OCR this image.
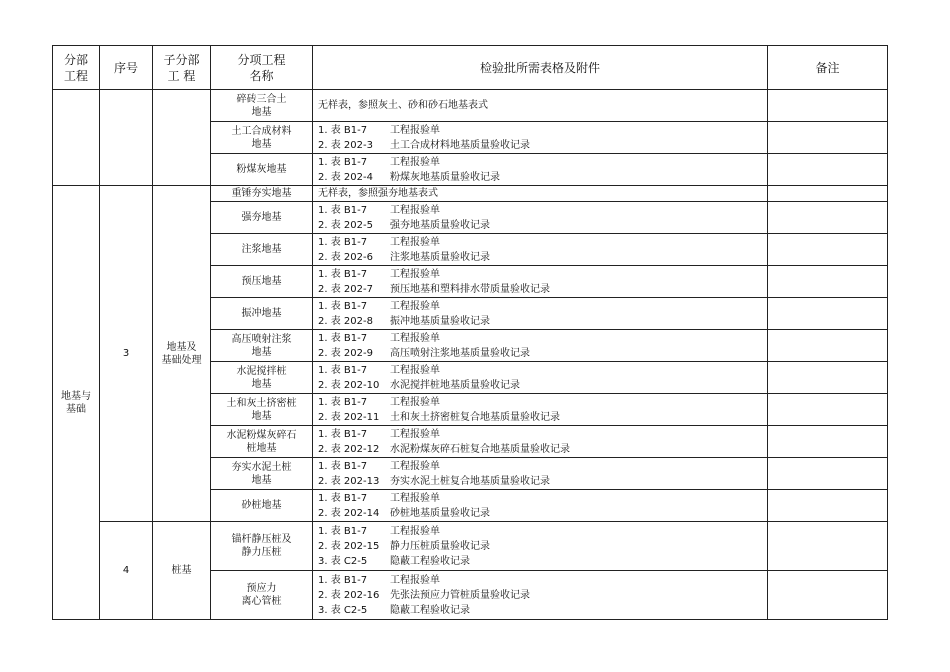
分部
工程	序号	子分部
工 程	分项工程
名称	检验批所需表格及附件	备注

			碎砖三合土
地基	无样表，参照灰土、砂和砂石地基表式	

			土工合成材料
地基	1. 表 B1-7 工程报验单
2. 表 202-3 土工合成材料地基质量验收记录	

			粉煤灰地基	1. 表 B1-7 工程报验单
2. 表 202-4 粉煤灰地基质量验收记录	

地基与
基础	3	地基及
基础处理	重锤夯实地基	无样表，参照强夯地基表式	
			强夯地基	1. 表 B1-7 工程报验单
2. 表 202-5 强夯地基质量验收记录	

			注浆地基	1. 表 B1-7 工程报验单
2. 表 202-6 注浆地基质量验收记录	

			预压地基	1. 表 B1-7 工程报验单
2. 表 202-7 预压地基和塑料排水带质量验收记录	

			振冲地基	1. 表 B1-7 工程报验单
2. 表 202-8 振冲地基质量验收记录	

			高压喷射注浆
地基	1. 表 B1-7 工程报验单
2. 表 202-9 高压喷射注浆地基质量验收记录	

			水泥搅拌桩
地基	1. 表 B1-7 工程报验单
2. 表 202-10 水泥搅拌桩地基质量验收记录	

			土和灰土挤密桩
地基	1. 表 B1-7 工程报验单
2. 表 202-11 土和灰土挤密桩复合地基质量验收记录	

			水泥粉煤灰碎石
桩地基	1. 表 B1-7 工程报验单
2. 表 202-12 水泥粉煤灰碎石桩复合地基质量验收记录	

			夯实水泥土桩
地基	1. 表 B1-7 工程报验单
2. 表 202-13 夯实水泥土桩复合地基质量验收记录	

			砂桩地基	1. 表 B1-7 工程报验单
2. 表 202-14 砂桩地基质量验收记录	

	4	桩基	锚杆静压桩及
静力压桩	1. 表 B1-7 工程报验单
2. 表 202-15 静力压桩质量验收记录
3. 表 C2-5 隐蔽工程验收记录	

			预应力
离心管桩	1. 表 B1-7 工程报验单
2. 表 202-16 先张法预应力管桩质量验收记录
3. 表 C2-5 隐蔽工程验收记录	
